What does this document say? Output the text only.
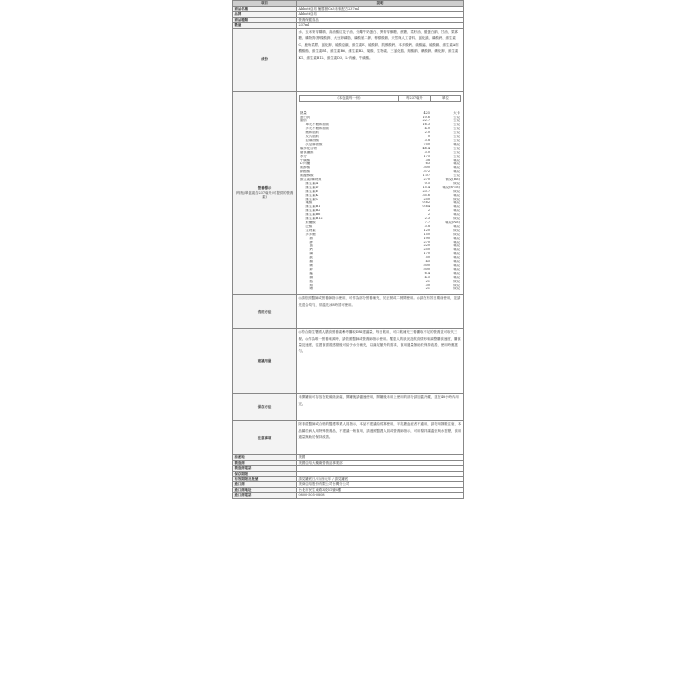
項目	說明
商品名稱	Abbott亞培 葡勝納Cs3未來配方237ml
品牌	Abbott亞培
商品種類	營養保健食品
數量	237ml
成份	水、玉米麥芽糊精、高油酸紅花子油、分離牛奶蛋白、異麥芽酮糖、蔗糖、菜籽油、酪蛋白鈉、甘油、果寡糖、礦物質(檸檬酸鉀、大豆卵磷脂、磷酸氫二鉀、檸檬酸鈉、天然與人工香料、氯化鎂、磷酸鈣、維生素C、鹿角菜膠、氯化鉀、硫酸亞鐵、維生素E、硫酸鋅、肌醇酸鈣、本多酸鈣、硫酸錳、硫酸銅、維生素A棕櫚酸酯、維生素B1、維生素B6、維生素B2、葉酸、生物素、三氯化鉻、鉬酸鈉、碘酸鉀、碘化鉀、維生素K1、維生素B12、維生素D3、L-肉鹼、牛磺酸。

營養標示
(每瓶/單盒裝含237毫升/可提供的營養素)

(本包裝每一份)	每237毫升	單位
熱量	425	大卡
蛋白質	10.6	公克
脂肪	22.7	公克
單元不飽和脂肪	16.3	公克
多元不飽和脂肪	4.0	公克
飽和脂肪	2.0	公克
反式脂肪	0	公克
亞麻油酸	3.8	公克
次亞麻油酸	750	毫克
碳水化合物	46.4	公克
膳食纖維	3.0	公克
水分	175	公克
牛磺酸	38	毫克
L-肉鹼	63	毫克
肌醇酸	300	毫克
鈉醋酸	372	毫克
肌醯醇酸	1.07	公克
維生素/礦物質	270	微克(RE)
維生素A	0.5	微克
維生素D	15.4	毫克(α-TE)
維生素E	23.7	微克
維生素K	35.6	毫克
維生素C	250	微克
葉酸	0.62	毫克
維生素B1	0.64	毫克
維生素B2	2	毫克
維生素B6	2	毫克
維生素B12	2.3	微克
菸鹼酸	7.7	毫克(NE)
泛酸	3.8	毫克
生物素	120	微克
多多醣	150	微克
鈉	190	毫克
鉀	270	毫克
氯	220	毫克
鈣	250	毫克
磷	170	毫克
鎂	50	毫克
鐵	45	毫克
碘	500	毫克
鋅	500	毫克
錳	6.4	毫克
銅	4.5	毫克
鉻	21	微克
鉬	30	微克
硒	21	微克

食用方法	◎請依照醫師或營養師指示使用，可作為部分營養補充，於正餐或二餐間使用。◎請在有效日期前使用，並請先混合均勻，常溫先冰8時冒可使用。
建議用量	◎符合衛生署國人膳食營養素參考攝取DRI建議量，每日飲用，可口飲補充三餐攝取不足的營養並可取代三餐。◎作為唯一營養來源時，請依照醫師或營養師指示使用。罹患人的狀況及飲食情形來調整攝食速度，攝食量及速度，往獲食需視感覺後可給予水分補充，以滿足額外的需求，食用過量無助於保持改善，使用時應搖勻。
保存方法	未開罐前可存放在乾燥陰涼處，開罐後請儘速使用，開罐後未用上使用的部分請加蓋冷藏，並在48小時內用完。
注意事項	除非經醫師或合格的醫護專業人員指示，本品不建議給孤寡使用，半乳糖血症者不適用，請勿用靜脈注射，本品屬於病人用特殊營養品，不建議一般食用，請遵照醫護人員或營養師指示，可用攪拌讓溫至與水雲變，食用過量無助於保持改善。
原產地	美國
製造商	美國亞培大藥廠營養品事業部
製造商電話	
保存期限	
有效期限及批號	請見罐底日/月/西元年 / 請見罐底
進口商	美商亞培股份有限公司台灣分公司
進口商地址	台北市民生東路3段51號6樓
進口商電話	0800-505-0808
